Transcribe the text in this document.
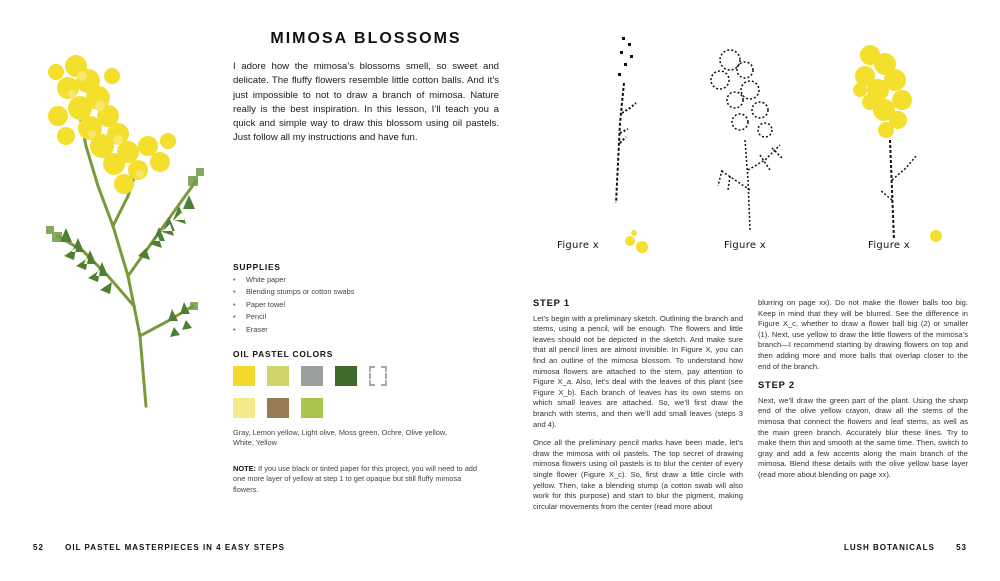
MIMOSA BLOSSOMS
I adore how the mimosa’s blossoms smell, so sweet and delicate. The fluffy flowers resemble little cotton balls. And it’s just impossible to not to draw a branch of mimosa. Nature really is the best inspiration. In this lesson, I’ll teach you a quick and simple way to draw this blossom using oil pastels. Just follow all my instructions and have fun.
SUPPLIES
• White paper
• Blending stumps or cotton swabs
• Paper towel
• Pencil
• Eraser
OIL PASTEL COLORS
Gray, Lemon yellow, Light olive, Moss green, Ochre, Olive yellow, White, Yellow
NOTE: If you use black or tinted paper for this project, you will need to add one more layer of yellow at step 1 to get opaque but still fluffy mimosa flowers.
Figure x	Figure x	Figure x
STEP 1

Let’s begin with a preliminary sketch. Outlining the branch and stems, using a pencil, will be enough. The flowers and little leaves should not be depicted in the sketch. And make sure that all pencil lines are almost invisible. In Figure X, you can find an outline of the mimosa blossom. To understand how mimosa flowers are attached to the stem, pay attention to Figure X_a. Also, let’s deal with the leaves of this plant (see Figure X_b). Each branch of leaves has its own stems on which small leaves are attached. So, we’ll first draw the branch with stems, and then we’ll add small leaves (steps 3 and 4).

Once all the preliminary pencil marks have been made, let’s draw the mimosa with oil pastels. The top secret of drawing mimosa flowers using oil pastels is to blur the center of every single flower (Figure X_c). So, first draw a little circle with yellow. Then, take a blending stump (a cotton swab will also work for this purpose) and start to blur the pigment, making circular movements from the center (read more about

blurring on page xx). Do not make the flower balls too big. Keep in mind that they will be blurred. See the difference in Figure X_c, whether to draw a flower ball big (2) or smaller (1). Next, use yellow to draw the little flowers of the mimosa’s branch—I recommend starting by drawing flowers on top and then adding more and more balls that overlap closer to the end of the branch.

STEP 2

Next, we’ll draw the green part of the plant. Using the sharp end of the olive yellow crayon, draw all the stems of the mimosa that connect the flowers and leaf stems, as well as the main green branch. Accurately blur these lines. Try to make them thin and smooth at the same time. Then, switch to gray and add a few accents along the main branch of the mimosa. Blend these details with the olive yellow base layer (read more about blending on page xx).

52	OIL PASTEL MASTERPIECES IN 4 EASY STEPS	LUSH BOTANICALS	53
